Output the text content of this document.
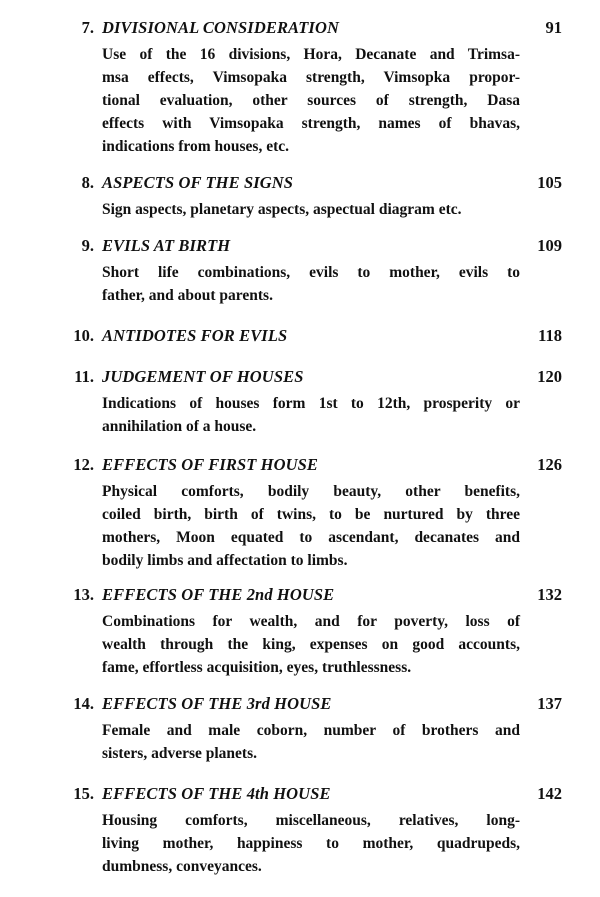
7. DIVISIONAL CONSIDERATION	91
Use of the 16 divisions, Hora, Decanate and Trimsa-
msa effects, Vimsopaka strength, Vimsopka propor-
tional evaluation, other sources of strength, Dasa
effects with Vimsopaka strength, names of bhavas,
indications from houses, etc.
8. ASPECTS OF THE SIGNS	105
Sign aspects, planetary aspects, aspectual diagram etc.
9. EVILS AT BIRTH	109
Short life combinations, evils to mother, evils to
father, and about parents.
10. ANTIDOTES FOR EVILS	118
11. JUDGEMENT OF HOUSES	120
Indications of houses form 1st to 12th, prosperity or
annihilation of a house.
12. EFFECTS OF FIRST HOUSE	126
Physical comforts, bodily beauty, other benefits,
coiled birth, birth of twins, to be nurtured by three
mothers, Moon equated to ascendant, decanates and
bodily limbs and affectation to limbs.
13. EFFECTS OF THE 2nd HOUSE	132
Combinations for wealth, and for poverty, loss of
wealth through the king, expenses on good accounts,
fame, effortless acquisition, eyes, truthlessness.
14. EFFECTS OF THE 3rd HOUSE	137
Female and male coborn, number of brothers and
sisters, adverse planets.
15. EFFECTS OF THE 4th HOUSE	142
Housing comforts, miscellaneous, relatives, long-
living mother, happiness to mother, quadrupeds,
dumbness, conveyances.
